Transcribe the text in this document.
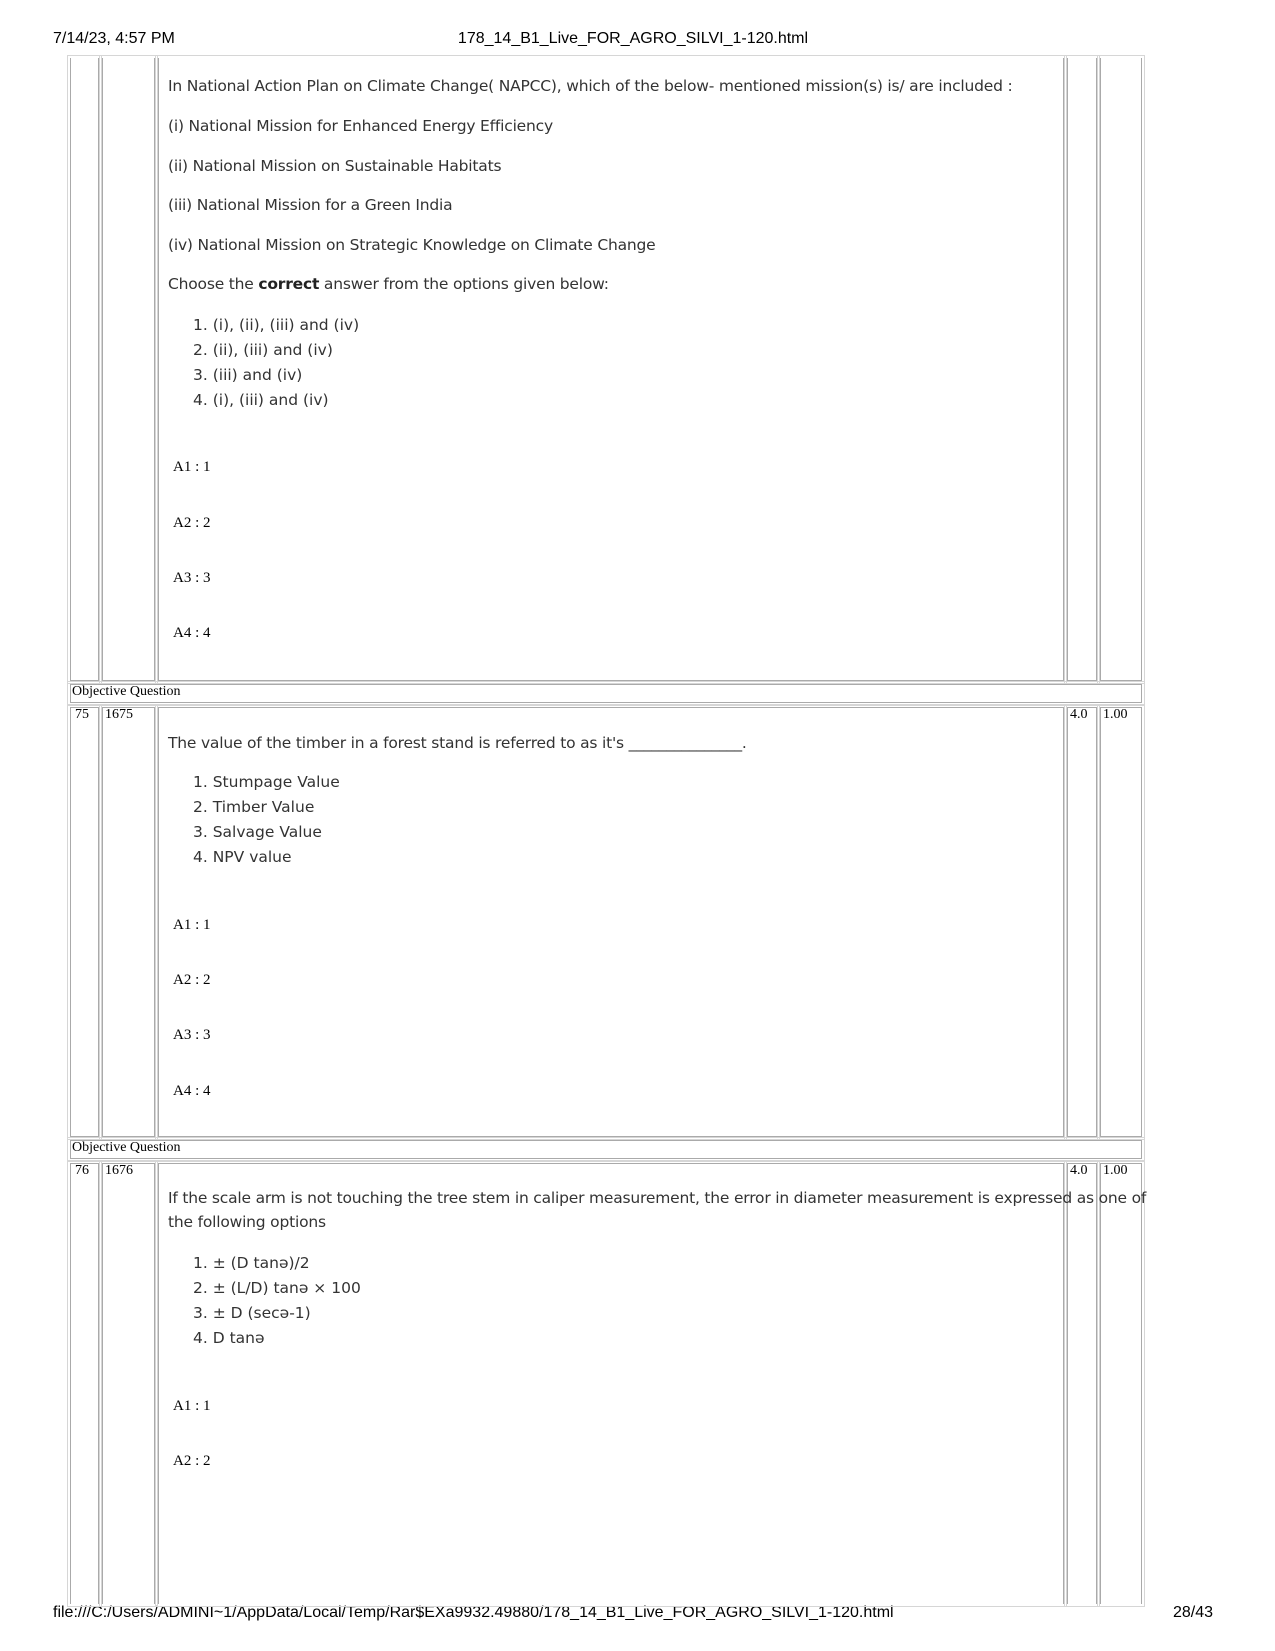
7/14/23, 4:57 PM	178_14_B1_Live_FOR_AGRO_SILVI_1-120.html
file:///C:/Users/ADMINI~1/AppData/Local/Temp/Rar$EXa9932.49880/178_14_B1_Live_FOR_AGRO_SILVI_1-120.html	28/43

In National Action Plan on Climate Change( NAPCC), which of the below- mentioned mission(s) is/ are included :

(i) National Mission for Enhanced Energy Efficiency

(ii) National Mission on Sustainable Habitats

(iii) National Mission for a Green India

(iv) National Mission on Strategic Knowledge on Climate Change

Choose the correct answer from the options given below:

1. (i), (ii), (iii) and (iv)
2. (ii), (iii) and (iv)
3. (iii) and (iv)
4. (i), (iii) and (iv)
A1 : 1
A2 : 2
A3 : 3
A4 : 4
Objective Question
75 1675	4.0 1.00

The value of the timber in a forest stand is referred to as it's _______________.

1. Stumpage Value
2. Timber Value
3. Salvage Value
4. NPV value
A1 : 1
A2 : 2
A3 : 3
A4 : 4
Objective Question
76 1676	4.0 1.00

If the scale arm is not touching the tree stem in caliper measurement, the error in diameter measurement is expressed as one of

the following options

1. ± (D tanə)/2
2. ± (L/D) tanə × 100
3. ± D (secə-1)
4. D tanə
A1 : 1
A2 : 2
